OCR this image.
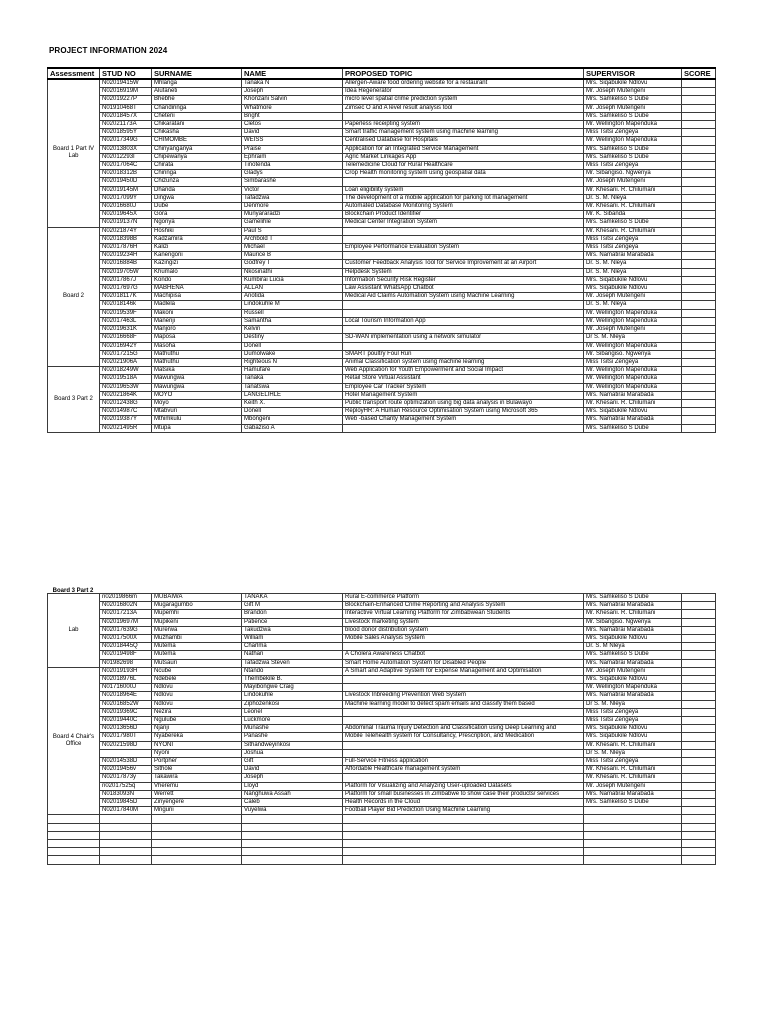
PROJECT INFORMATION 2024
Assessment	STUD NO	SURNAME	NAME	PROPOSED TOPIC	SUPERVISOR	SCORE
Board 1 Part IV Lab	N02019415W	Mhlanga	Tanaka N	Allergen-Aware food ordering website for a restaurant	Mrs. Siqabukile Ndlovu	
	N02016919M	Alufaneti	Joseph	Idea Regenerator	Mr. Joseph Mutengeni	
	N02019227P	Bhebhe	Khonzani Salvin	micro level spatial crime prediction system	Mrs. Samkeliso S Dube	
	N01910468T	Chandiringa	Whatmore	Zimsec O and A level result analysis tool	Mr. Joseph Mutengeni	
	N02018457X	Cheteni	Bright		Mrs. Samkeliso S Dube	
	N02021173A	Chikaratani	Cletos	Paperless receipting system	Mr. Wellington Mapenduka	
	N02018595Y	Chikasha	David	Smart traffic management system using machine learning	Miss Tsitsi Zengeya	
	N02017349G	CHIMOMBE	WEISS	Centralised Database for Hospitals	Mr. Wellington Mapenduka	
	N02013803X	Chinyanganya	Praise	Application for an Integrated Service Management	Mrs. Samkeliso S Dube	
	N02012293I	Chipewanya	Ephraim	Agric Market Linkages App	Mrs. Samkeliso S Dube	
	N02017064C	Chirata	Tinotenda	Telemedicine Cloud for Rural Healthcare	Miss Tsitsi Zengeya	
	N02018312B	Chiringa	Gladys	Crop Health monitoring system using geospatial data	Mr. Sibangiso. Ngwenya	
	N02019450D	Chizunza	Simbarashe		Mr. Joseph Mutengeni	
	N02019145M	Dhanda	Victor	Loan eligibility system	Mr. Khesani. R. Chilumani	
	N02017099Y	Dingwa	Tafadzwa	The development of a mobile application for parking lot management	Dr. S. M. Nleya	
	N02016680J	Dube	Denmore	Automated Database Monitoring System	Mr. Khesani. R. Chilumani	
	N02019645X	Gora	Munyararadzi	Blockchain Product Identifier	Mr. K. Sibanda	
	N02019137N	Ngonya	Gamelihle	Medical Center Integration System	Mrs. Samkeliso S Dube	
Board 2	N02021874Y	Hoshiki	Paul S		Mr. Khesani. R. Chilumani	
	N02018398B	Kadzamira	Archbold T		Miss Tsitsi Zengeya	
	N02017876H	Kalizi	Michael	Employee Performance Evaluation System	Miss Tsitsi Zengeya	
	N02019234H	Kanengoni	Maurice B		Mrs. Namatirai Marabada	
	N02016884B	Kazingizi	Godfrey T	Customer Feedback Analysis Tool for Service Improvement at an Airport	Dr. S. M. Nleya	
	N02019705W	Khumalo	Nkosinathi	Helpdesk System	Dr. S. M. Nleya	
	N02017867J	Kondo	Kumbirai Lucia	Information Security Risk Register	Mrs. Siqabukile Ndlovu	
	N02017697G	MABHENA	ALLAN	Law Assistant WhatsApp Chatbot	Mrs. Siqabukile Ndlovu	
	N02018117K	Machipisa	Anotida	Medical Aid Claims Automation System using Machine Learning	Mr. Joseph Mutengeni	
	N02018146k	Madlela	Lindokuhle M		Dr. S. M. Nleya	
	N02019539F	Makoni	Russell		Mr. Wellington Mapenduka	
	N02017463L	Manenji	Samantha	Local Tourism Information App	Mr. Wellington Mapenduka	
	N02019631K	Manjoro	Kelvin		Mr. Joseph Mutengeni	
	N02016668F	Maposa	Destiny	SD-WAN implementation using a network simulator	Dr S. M. Nleya	
	N02016942Y	Masoha	Donell		Mr. Wellington Mapenduka	
	N02017215G	Mathuthu	Dumolwake	SMART poultry Foul Run	Mr. Sibangiso. Ngwenya	
	N02021906A	Mathuthu	Righteous N	Animal Classification system using machine learning	Miss Tsitsi Zengeya	
Board 3 Part 2	N02018249W	Matsika	Hamufare	Web Application for Youth Empowerment and Social Impact	Mr. Wellington Mapenduka	
	N02019518A	Mawungwa	Tanaka	Retail Store Virtual Assistant	Mr. Wellington Mapenduka	
	N02019653W	Mawungwa	Tanatswa	Employee Car Tracker System	Mr. Wellington Mapenduka	
	N02021864K	MOYO	LANGELIHLE	Hotel Management System	Mrs. Namatirai Marabada	
	N02012438G	Moyo	Keith X.	Public transport route optimization using big data analysis in Bulawayo	Mr. Khesani. R. Chilumani	
	N02014987C	Mtabvuri	Donell	ReployHR: A Human Resource Optimisation System using Microsoft 365	Mrs. Siqabukile Ndlovu	
	N02019387Y	Mthimkulu	Mbongeni	Web -based Charity Management System	Mrs. Namatirai Marabada	
	N02021495R	Mtupa	Gabaziso A		Mrs. Samkeliso S Dube	
Board 3 Part 2
Lab	n02019866m	MUBAIWA	TANAKA	Rural E-commerce Platform	Mrs. Samkeliso S Dube	
	N02016802N	Mugaragumbo	Gift M	Blockchain-Enhanced Crime Reporting and Analysis System	Mrs. Namatirai Marabada	
	N02017213A	Mupemhi	Brandon	Interactive Virtual Learning Platform for Zimbabwean Students	Mr. Khesani. R. Chilumani	
	N02019697M	Mupikeni	Patience	Livestock marketing system	Mr. Sibangiso. Ngwenya	
	N02017639G	Murerwa	Takudzwa	blood donor distribution system	Mrs. Namatirai Marabada	
	N02017500X	Muzhambi	William	Mobile Sales Analysis System	Mrs. Siqabukile Ndlovu	
	N02018445Q	Mutema	Charlma		Dr. S. M Nleya	
	N02019498F	Mutema	Nathan	A Cholera Awareness Chatbot	Mrs. Samkeliso S Dube	
	N01982698	Mutsauri	Tafadzwa Steven	Smart Home Automation System for Disabled People	Mrs. Namatirai Marabada	
Board 4 Chair's Office	N02019193H	Ncube	Ntando	A Smart and Adaptive System for Expense Management and Optimisation	Mr. Joseph Mutengeni	
	N02018976L	Ndebele	Thembekile B.		Mrs. Siqabukile Ndlovu	
	N01716000J	Ndlovu	Mayibongwe Craig		Mr. Wellington Mapenduka	
	N02018964E	Ndlovu	Lindokuhle	Livestock Inbreeding Prevention Web System	Mrs. Namatirai Marabada	
	N02016852W	Ndlovu	Ziphozenkosi	Machine learning model to detect spam emails and classify them based	Dr S. M. Nleya	
	N02019369C	Nezira	Leonel		Miss Tsitsi Zengeya	
	N02019440C	Ngulube	Luckmore		Miss Tsitsi Zengeya	
	N02013656D	Njanji	Munashe	Abdominal Trauma Injury Detection and Classification using Deep Learning and	Mrs. Siqabukile Ndlovu	
	N02017980T	Nyabereka	Panashe	Mobile Telehealth system for Consultancy, Prescription, and Medication	Mrs. Siqabukile Ndlovu	
	N02021598D	NYONI	Sithandweyinkosi		Mr. Khesani. R. Chilumani	
		Nyoni	Joshua		Dr S. M. Nleya	
	N02014538D	Portpher	Gift	Full-Service Fitness application	Miss Tsitsi Zengeya	
	N02019456v	Sithole	David	Affordable Healthcare management system	Mr. Khesani. R. Chilumani	
	N02017873y	Takawira	Joseph		Mr. Khesani. R. Chilumani	
	n02017525q	Vheremu	Lloyd	Platform for Visualizing and Analyzing User-uploaded Datasets	Mr. Joseph Mutengeni	
	N0183093N	Werrett	Nanghuwa Assah	Platform for small businesses in Zimbabwe to show case their products/ services	Mrs. Namatirai Marabada	
	N02019845D	Zinyengere	Caleb	Health Records in the Cloud	Mrs. Samkeliso S Dube	
	N02017840M	Mnguni	Vuyelwa	Football Player Bid Prediction Using Machine Learning		
